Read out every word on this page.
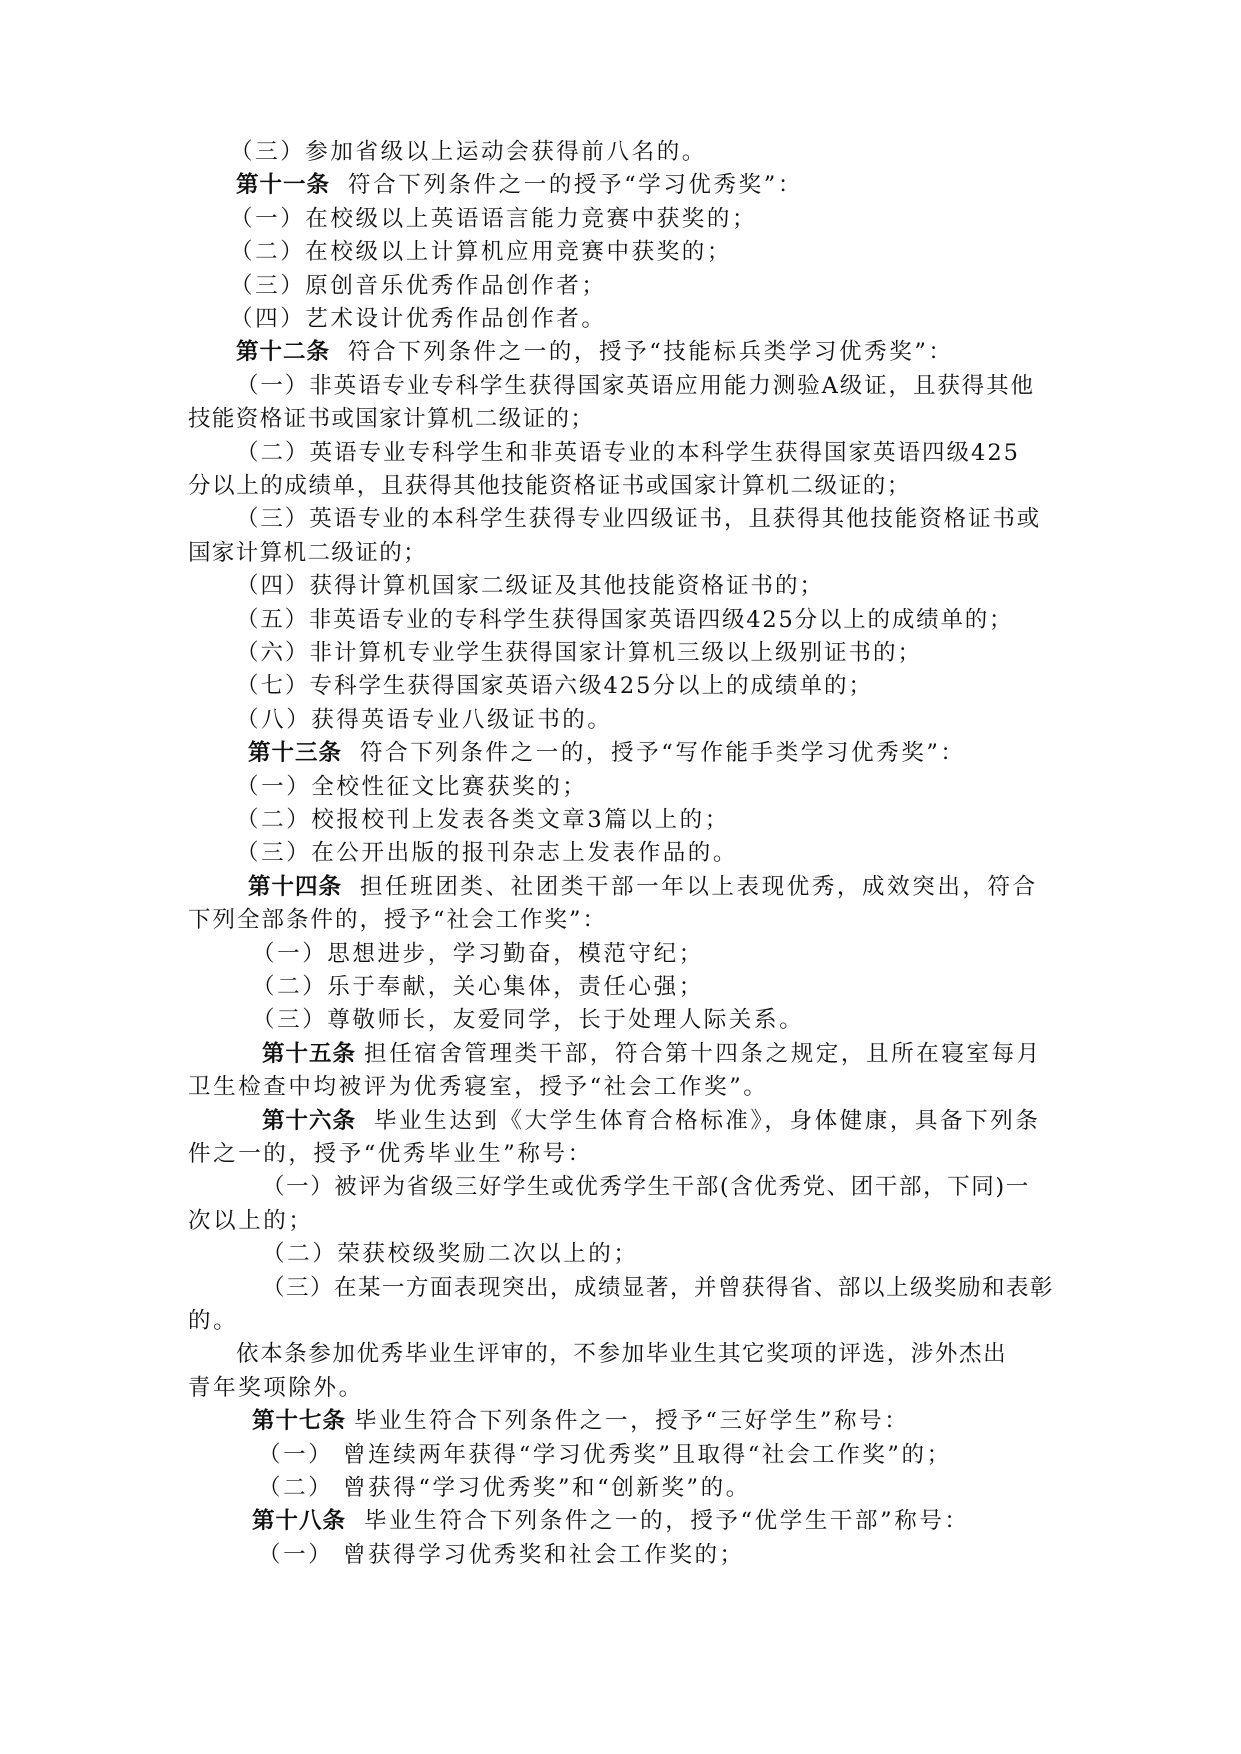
（三）参加省级以上运动会获得前八名的。
第十一条 符合下列条件之一的授予“学习优秀奖”：
（一）在校级以上英语语言能力竞赛中获奖的；
（二）在校级以上计算机应用竞赛中获奖的；
（三）原创音乐优秀作品创作者；
（四）艺术设计优秀作品创作者。
第十二条 符合下列条件之一的，授予“技能标兵类学习优秀奖”：
（一）非英语专业专科学生获得国家英语应用能力测验A级证，且获得其他
技能资格证书或国家计算机二级证的；
（二）英语专业专科学生和非英语专业的本科学生获得国家英语四级425
分以上的成绩单，且获得其他技能资格证书或国家计算机二级证的；
（三）英语专业的本科学生获得专业四级证书，且获得其他技能资格证书或
国家计算机二级证的；
（四）获得计算机国家二级证及其他技能资格证书的；
（五）非英语专业的专科学生获得国家英语四级425分以上的成绩单的；
（六）非计算机专业学生获得国家计算机三级以上级别证书的；
（七）专科学生获得国家英语六级425分以上的成绩单的；
（八）获得英语专业八级证书的。
第十三条 符合下列条件之一的，授予“写作能手类学习优秀奖”：
（一）全校性征文比赛获奖的；
（二）校报校刊上发表各类文章3篇以上的；
（三）在公开出版的报刊杂志上发表作品的。
第十四条 担任班团类、社团类干部一年以上表现优秀，成效突出，符合
下列全部条件的，授予“社会工作奖”：
（一）思想进步，学习勤奋，模范守纪；
（二）乐于奉献，关心集体，责任心强；
（三）尊敬师长，友爱同学，长于处理人际关系。
第十五条 担任宿舍管理类干部，符合第十四条之规定，且所在寝室每月
卫生检查中均被评为优秀寝室，授予“社会工作奖”。
第十六条 毕业生达到《大学生体育合格标准》，身体健康，具备下列条
件之一的，授予“优秀毕业生”称号：
（一）被评为省级三好学生或优秀学生干部(含优秀党、团干部，下同)一
次以上的；
（二）荣获校级奖励二次以上的；
（三）在某一方面表现突出，成绩显著，并曾获得省、部以上级奖励和表彰
的。
依本条参加优秀毕业生评审的，不参加毕业生其它奖项的评选，涉外杰出
青年奖项除外。
第十七条 毕业生符合下列条件之一，授予“三好学生”称号：
（一） 曾连续两年获得“学习优秀奖”且取得“社会工作奖”的；
（二） 曾获得“学习优秀奖”和“创新奖”的。
第十八条 毕业生符合下列条件之一的，授予“优学生干部”称号：
（一） 曾获得学习优秀奖和社会工作奖的；
